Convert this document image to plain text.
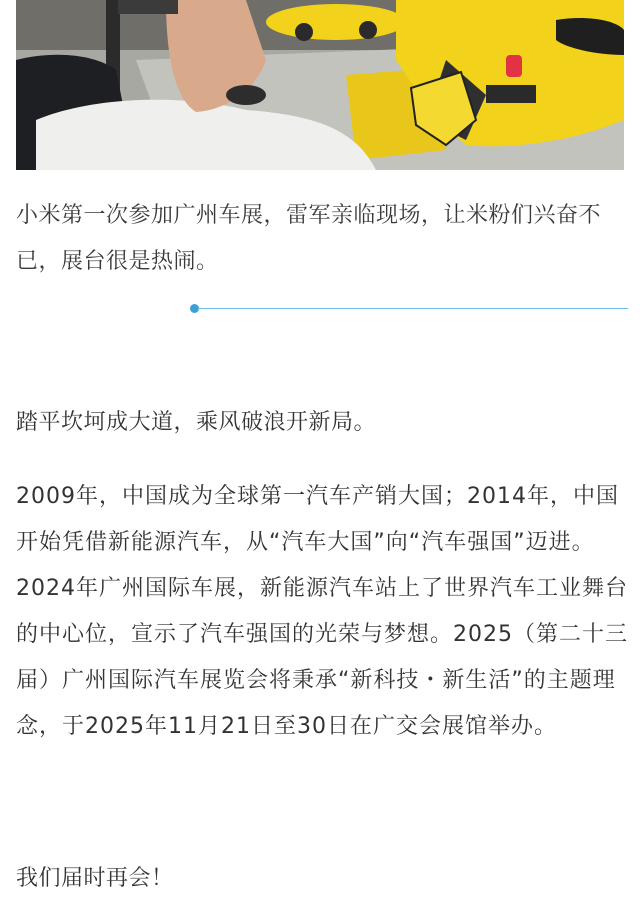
小米第一次参加广州车展，雷军亲临现场，让米粉们兴奋不已，展台很是热闹。

踏平坎坷成大道，乘风破浪开新局。

2009年，中国成为全球第一汽车产销大国；2014年，中国开始凭借新能源汽车，从“汽车大国”向“汽车强国”迈进。2024年广州国际车展，新能源汽车站上了世界汽车工业舞台的中心位，宣示了汽车强国的光荣与梦想。2025（第二十三届）广州国际汽车展览会将秉承“新科技・新生活”的主题理念，于2025年11月21日至30日在广交会展馆举办。

我们届时再会！
